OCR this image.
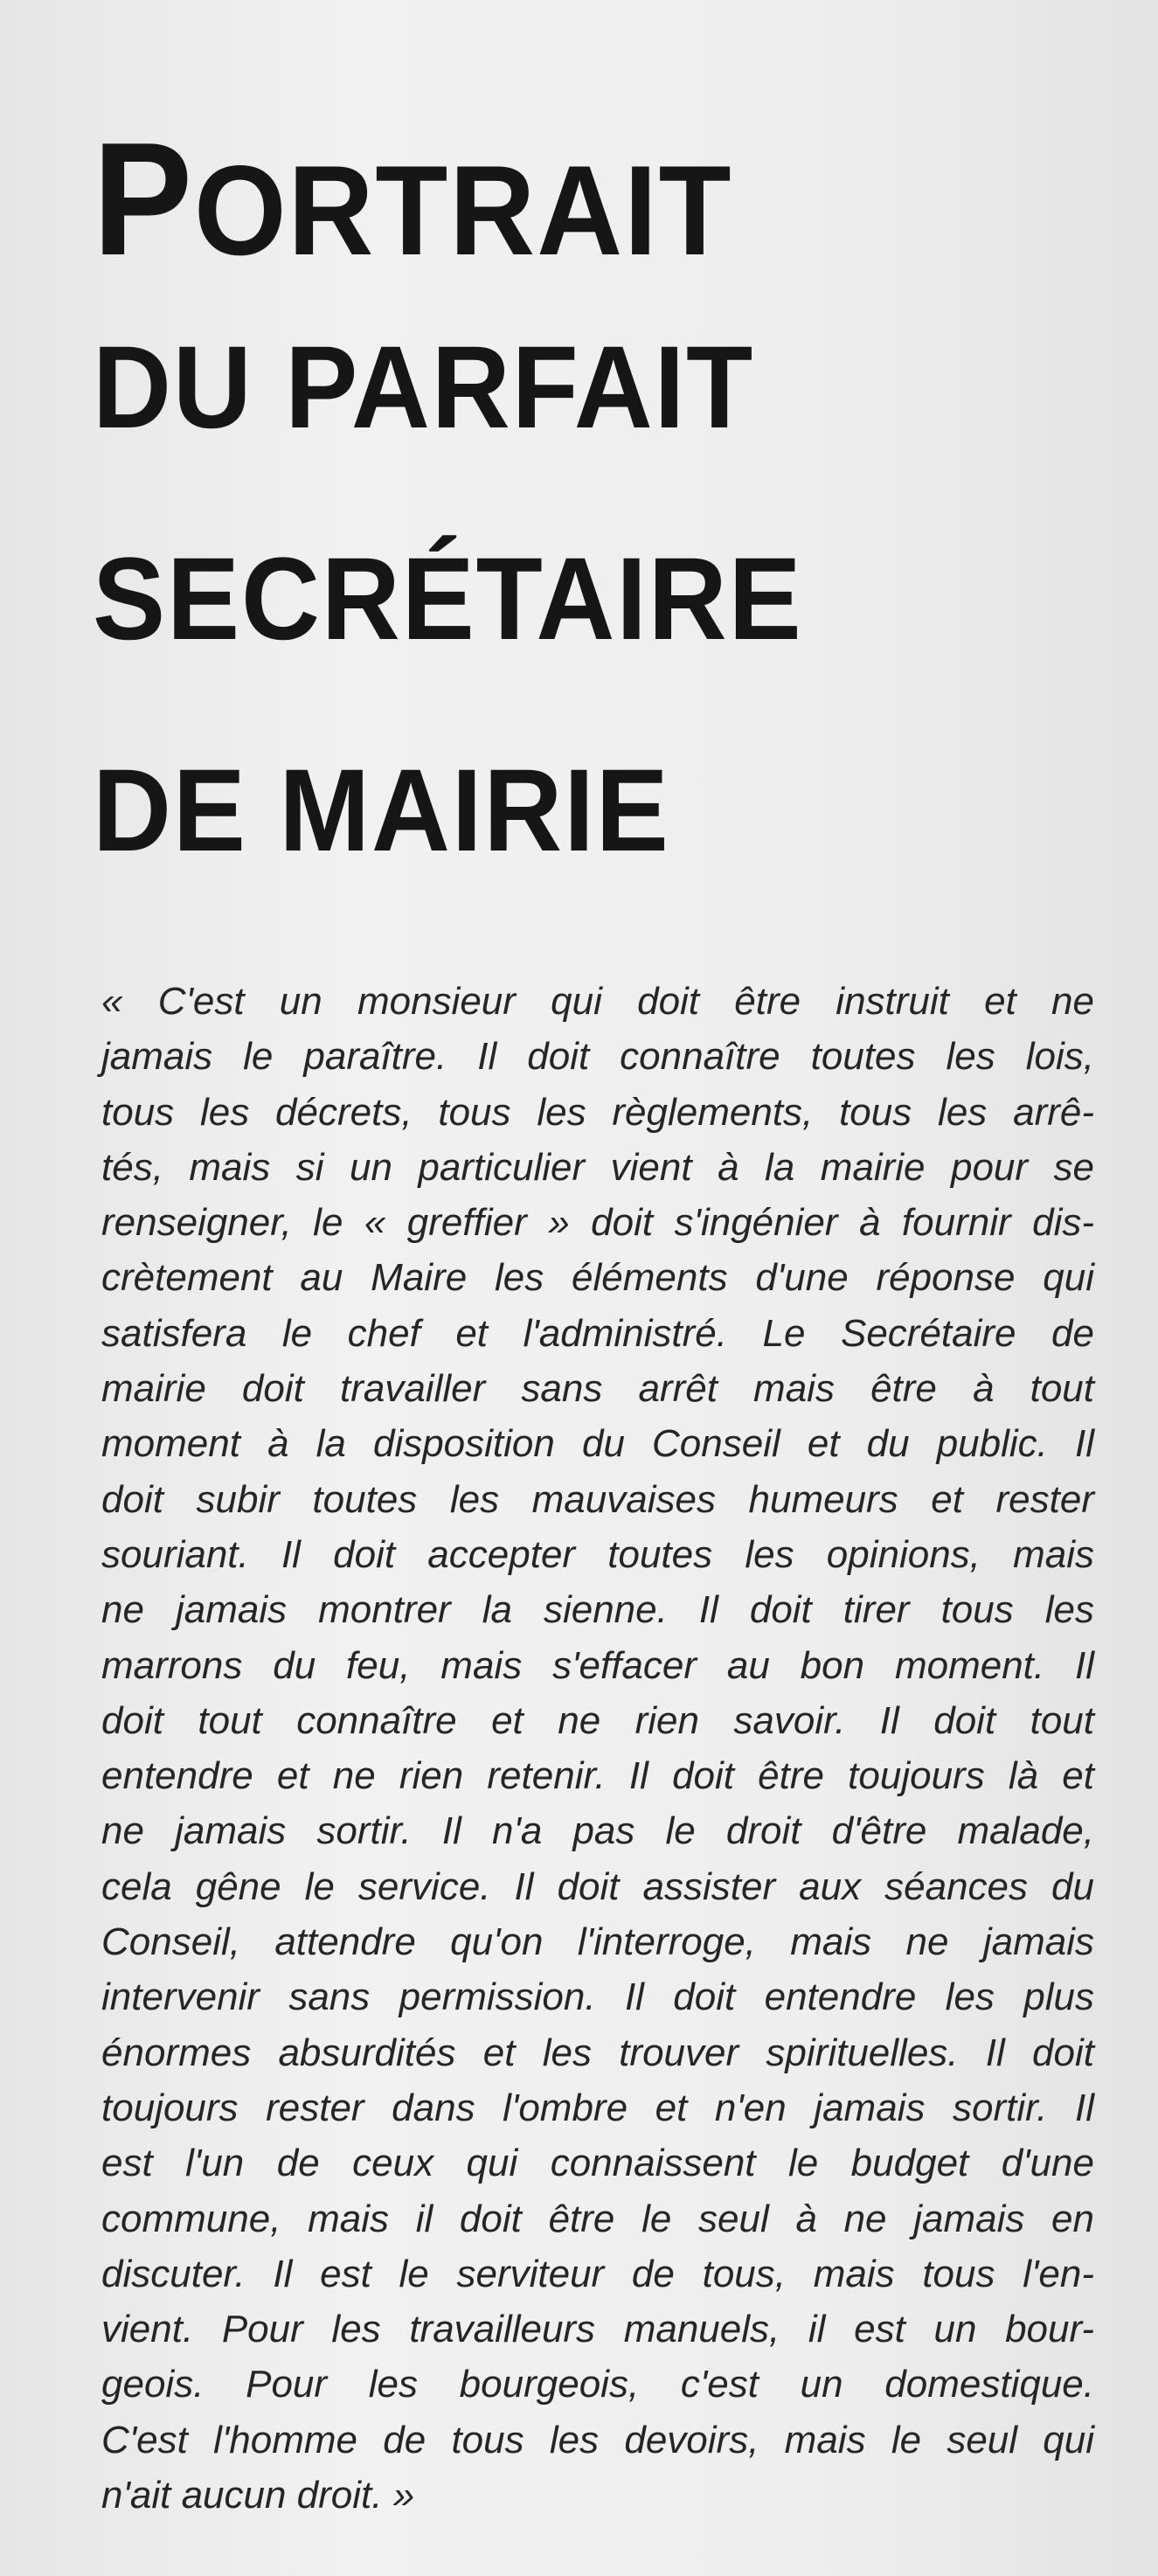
PORTRAIT
DU PARFAIT
SECRÉTAIRE
DE MAIRIE
« C'est un monsieur qui doit être instruit et ne
jamais le paraître. Il doit connaître toutes les lois,
tous les décrets, tous les règlements, tous les arrê-
tés, mais si un particulier vient à la mairie pour se
renseigner, le « greffier » doit s'ingénier à fournir dis-
crètement au Maire les éléments d'une réponse qui
satisfera le chef et l'administré. Le Secrétaire de
mairie doit travailler sans arrêt mais être à tout
moment à la disposition du Conseil et du public. Il
doit subir toutes les mauvaises humeurs et rester
souriant. Il doit accepter toutes les opinions, mais
ne jamais montrer la sienne. Il doit tirer tous les
marrons du feu, mais s'effacer au bon moment. Il
doit tout connaître et ne rien savoir. Il doit tout
entendre et ne rien retenir. Il doit être toujours là et
ne jamais sortir. Il n'a pas le droit d'être malade,
cela gêne le service. Il doit assister aux séances du
Conseil, attendre qu'on l'interroge, mais ne jamais
intervenir sans permission. Il doit entendre les plus
énormes absurdités et les trouver spirituelles. Il doit
toujours rester dans l'ombre et n'en jamais sortir. Il
est l'un de ceux qui connaissent le budget d'une
commune, mais il doit être le seul à ne jamais en
discuter. Il est le serviteur de tous, mais tous l'en-
vient. Pour les travailleurs manuels, il est un bour-
geois. Pour les bourgeois, c'est un domestique.
C'est l'homme de tous les devoirs, mais le seul qui
n'ait aucun droit. »
